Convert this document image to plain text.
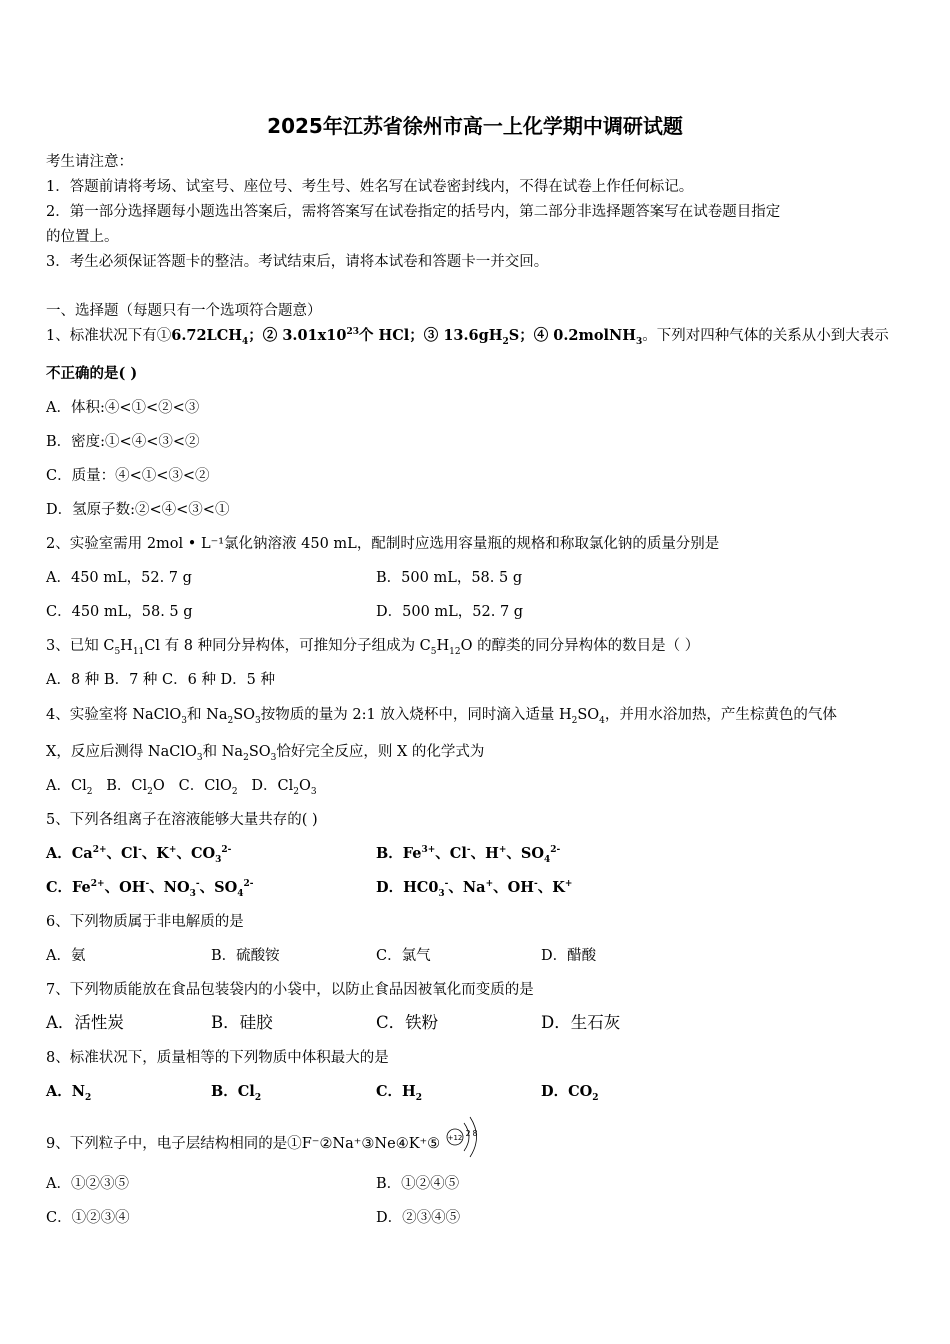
2025年江苏省徐州市高一上化学期中调研试题
考生请注意：
1．答题前请将考场、试室号、座位号、考生号、姓名写在试卷密封线内，不得在试卷上作任何标记。
2．第一部分选择题每小题选出答案后，需将答案写在试卷指定的括号内，第二部分非选择题答案写在试卷题目指定
的位置上。
3．考生必须保证答题卡的整洁。考试结束后，请将本试卷和答题卡一并交回。
一、选择题（每题只有一个选项符合题意）
1、标准状况下有$①6.72LCH_4$；② $3.01x10^{23}$个 HCl；③ $13.6gH_2S$；④ 0.2molNH$_3$。下列对四种气体的关系从小到大表示
不正确的是( )
A．体积:④<①<②<③
B．密度:①<④<③<②
C．质量：④<①<③<②
D．氢原子数:②<④<③<①
2、实验室需用 2mol • L⁻¹氯化钠溶液 450 mL，配制时应选用容量瓶的规格和称取氯化钠的质量分别是
A．450 mL，52. 7 g	B．500 mL，58. 5 g
C．450 mL，58. 5 g	D．500 mL，52. 7 g
3、已知 $C_5H_{11}Cl$ 有 8 种同分异构体，可推知分子组成为 $C_5H_{12}O$ 的醇类的同分异构体的数目是（ ）
A．8 种 B．7 种 C．6 种 D．5 种
4、实验室将 NaClO$_3$和 $Na_2SO_3$按物质的量为 2:1 放入烧杯中，同时滴入适量 $H_2SO_4$，并用水浴加热，产生棕黄色的气体
X，反应后测得 NaClO$_3$和 $Na_2SO_3$恰好完全反应，则 X 的化学式为
A．$Cl_2$   B．$Cl_2O$   C．ClO$_2$   D．$Cl_2O_3$
5、下列各组离子在溶液能够大量共存的( )
A．$Ca^{2+}$、Cl-、K+、$CO_3^{2-}$	B．$Fe^{3+}$、Cl-、H+、$SO_4^{2-}$
C．$Fe^{2+}$、OH-、$NO_3^-$、$SO_4^{2-}$	D．$HC0_3^-$、Na+、OH-、K+
6、下列物质属于非电解质的是
A．氨	B．硫酸铵	C．氯气	D．醋酸
7、下列物质能放在食品包装袋内的小袋中，以防止食品因被氧化而变质的是
A．活性炭	B．硅胶	C．铁粉	D．生石灰
8、标准状况下，质量相等的下列物质中体积最大的是
A．$N_2$	B．$Cl_2$	C．$H_2$	D．$CO_2$
9、下列粒子中，电子层结构相同的是①F⁻②Na⁺③Ne④K⁺⑤ +12 2 8
A．①②③⑤	B．①②④⑤
C．①②③④	D．②③④⑤
